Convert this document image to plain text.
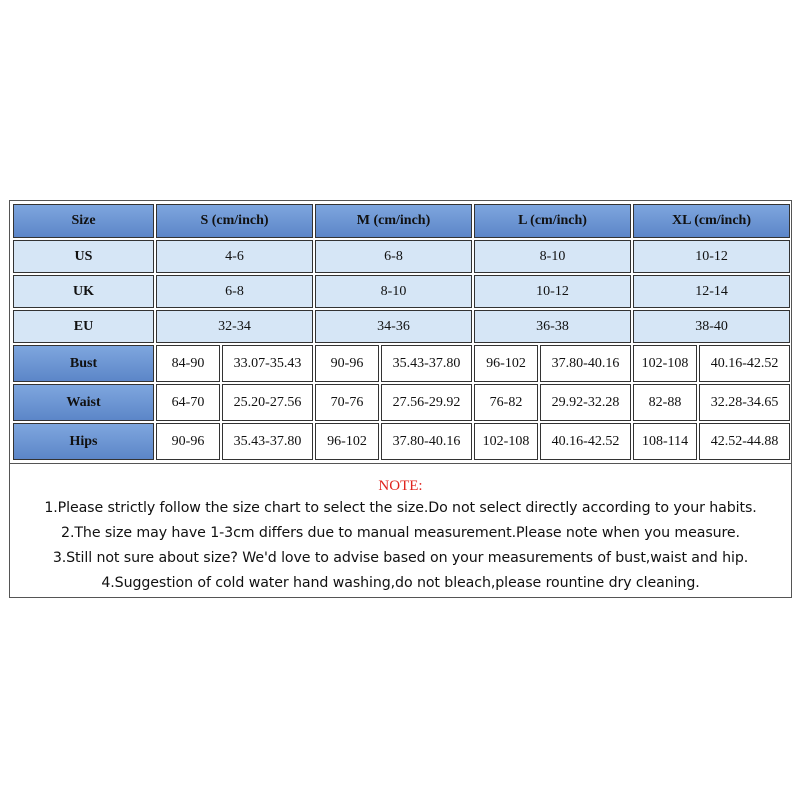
Size	S (cm/inch)		M (cm/inch)		L (cm/inch)		XL (cm/inch)	
US	4-6		6-8		8-10		10-12	
UK	6-8		8-10		10-12		12-14	
EU	32-34		34-36		36-38		38-40	
Bust	84-90	33.07-35.43	90-96	35.43-37.80	96-102	37.80-40.16	102-108	40.16-42.52
Waist	64-70	25.20-27.56	70-76	27.56-29.92	76-82	29.92-32.28	82-88	32.28-34.65
Hips	90-96	35.43-37.80	96-102	37.80-40.16	102-108	40.16-42.52	108-114	42.52-44.88
NOTE:
1.Please strictly follow the size chart to select the size.Do not select directly according to your habits.
2.The size may have 1-3cm differs due to manual measurement.Please note when you measure.
3.Still not sure about size? We'd love to advise based on your measurements of bust,waist and hip.
4.Suggestion of cold water hand washing,do not bleach,please rountine dry cleaning.
